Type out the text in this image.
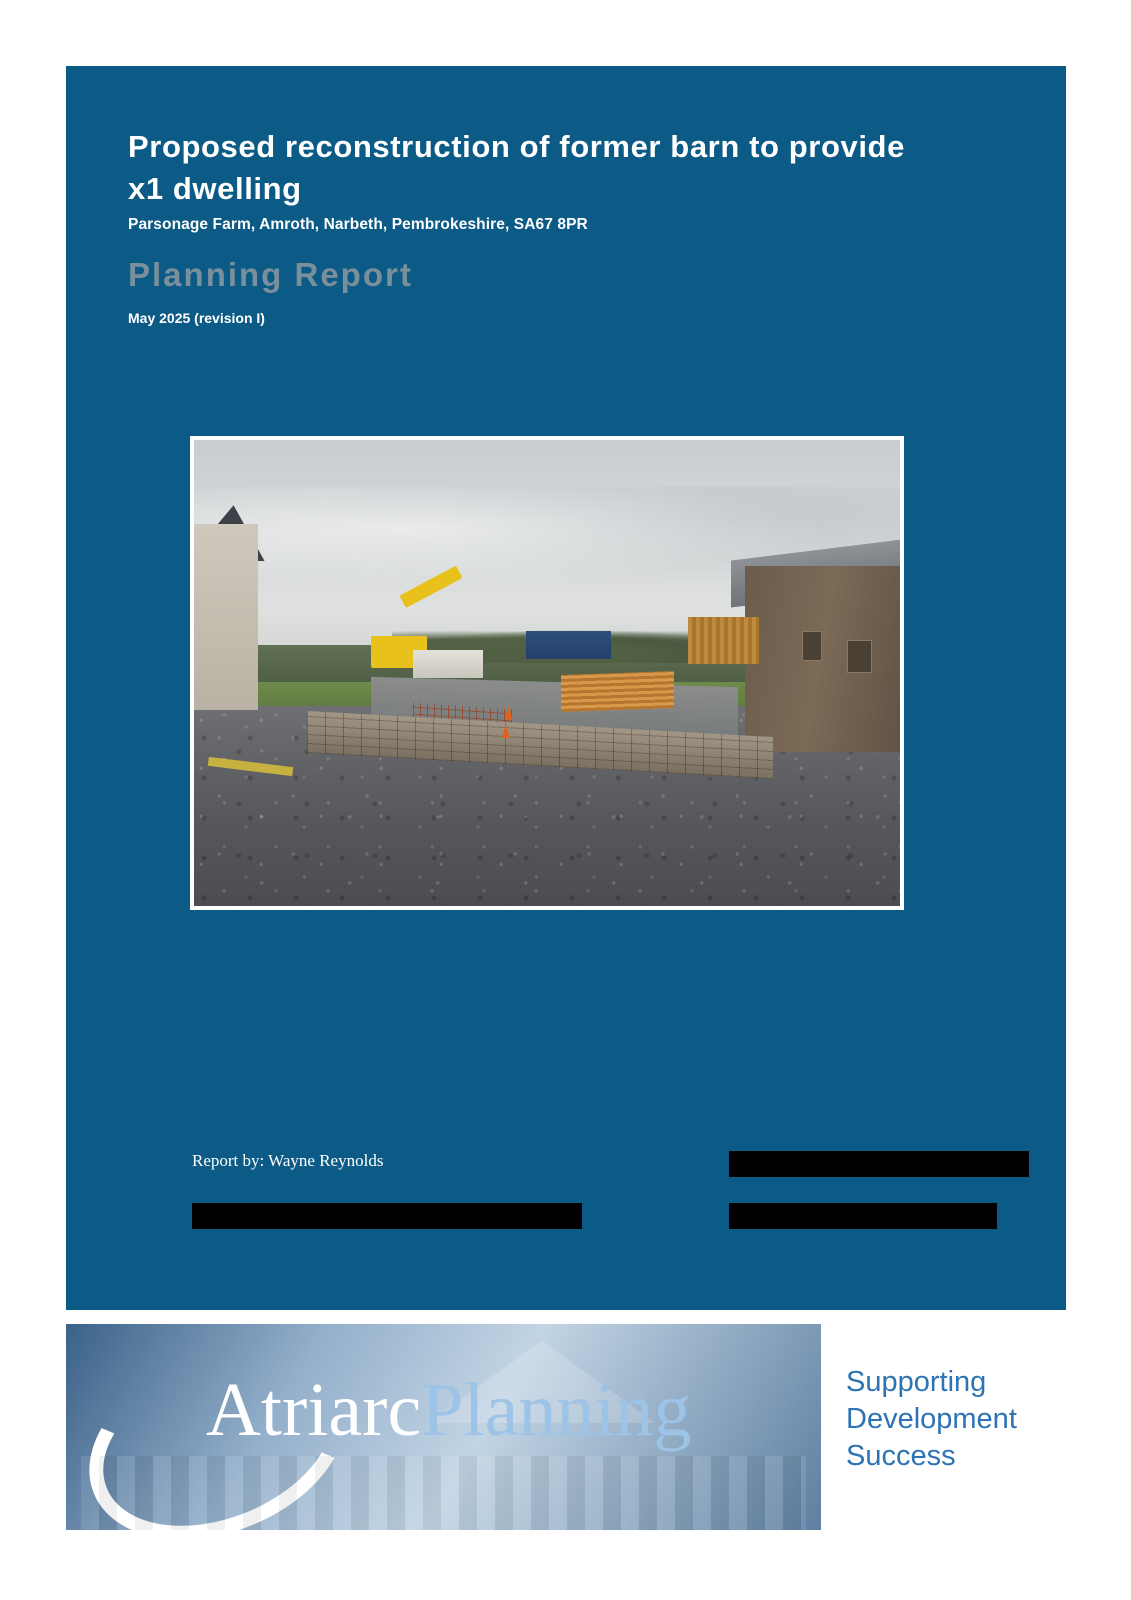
Proposed reconstruction of former barn to provide x1 dwelling

Parsonage Farm, Amroth, Narbeth, Pembrokeshire, SA67 8PR

Planning Report

May 2025 (revision I)

Report by: Wayne Reynolds
AtriarcPlanning	Supporting
Development
Success
